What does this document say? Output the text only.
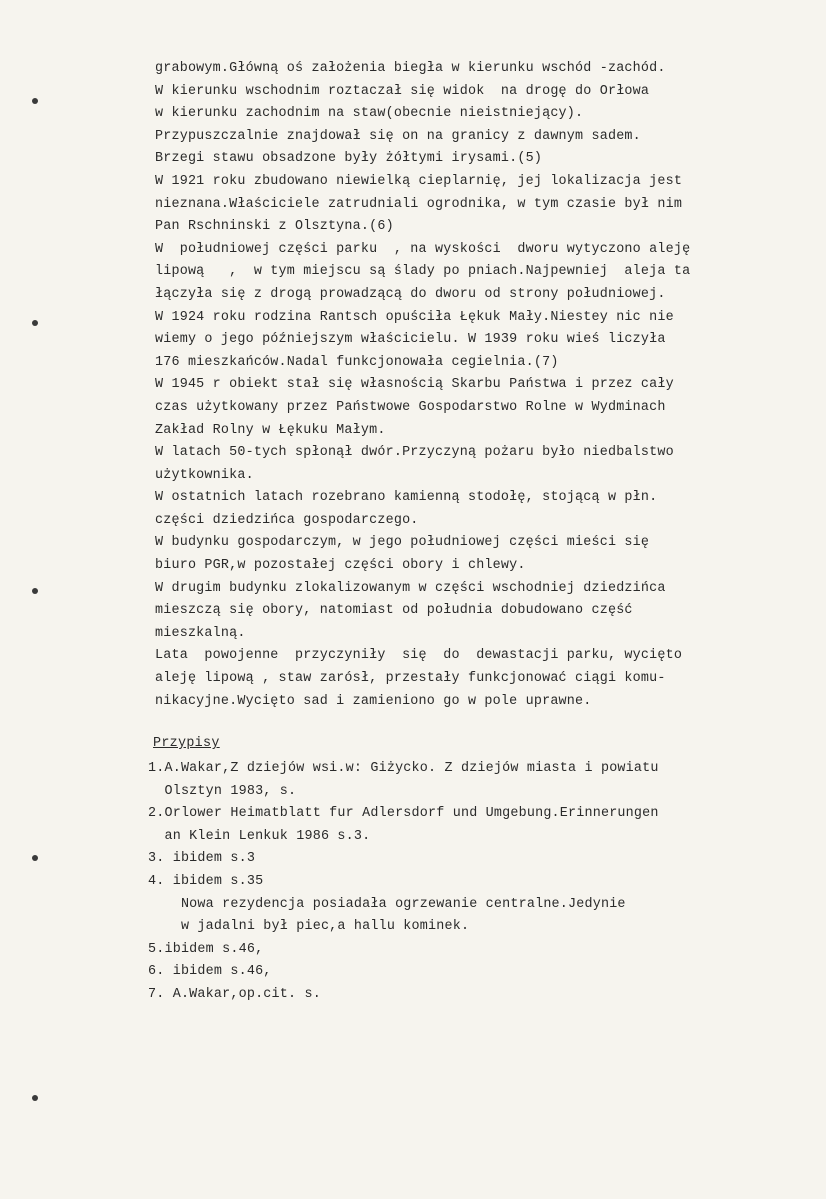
grabowym.Główną oś założenia biegła w kierunku wschód -zachód.
W kierunku wschodnim roztaczał się widok  na drogę do Orłowa
w kierunku zachodnim na staw(obecnie nieistniejący).
Przypuszczalnie znajdował się on na granicy z dawnym sadem.
Brzegi stawu obsadzone były żółtymi irysami.(5)
W 1921 roku zbudowano niewielką cieplarnię, jej lokalizacja jest
nieznana.Właściciele zatrudniali ogrodnika, w tym czasie był nim
Pan Rschninski z Olsztyna.(6)
W  południowej części parku  , na wyskości  dworu wytyczono aleję
lipową   ,  w tym miejscu są ślady po pniach.Najpewniej  aleja ta
łączyła się z drogą prowadzącą do dworu od strony południowej.
W 1924 roku rodzina Rantsch opuściła Łękuk Mały.Niestey nic nie
wiemy o jego późniejszym właścicielu. W 1939 roku wieś liczyła
176 mieszkańców.Nadal funkcjonowała cegielnia.(7)
W 1945 r obiekt stał się własnością Skarbu Państwa i przez cały
czas użytkowany przez Państwowe Gospodarstwo Rolne w Wydminach
Zakład Rolny w Łękuku Małym.
W latach 50-tych spłonął dwór.Przyczyną pożaru było niedbalstwo
użytkownika.
W ostatnich latach rozebrano kamienną stodołę, stojącą w płn.
części dziedzińca gospodarczego.
W budynku gospodarczym, w jego południowej części mieści się
biuro PGR,w pozostałej części obory i chlewy.
W drugim budynku zlokalizowanym w części wschodniej dziedzińca
mieszczą się obory, natomiast od południa dobudowano część
mieszkalną.
Lata  powojenne  przyczyniły  się  do  dewastacji parku, wycięto
aleję lipową , staw zarósł, przestały funkcjonować ciągi komu-
nikacyjne.Wycięto sad i zamieniono go w pole uprawne.
Przypisy
1.A.Wakar,Z dziejów wsi.w: Giżycko. Z dziejów miasta i powiatu
Olsztyn 1983, s.
2.Orlower Heimatblatt fur Adlersdorf und Umgebung.Erinnerungen
an Klein Lenkuk 1986 s.3.
3. ibidem s.3
4. ibidem s.35
Nowa rezydencja posiadała ogrzewanie centralne.Jedynie
w jadalni był piec,a hallu kominek.
5.ibidem s.46,
6. ibidem s.46,
7. A.Wakar,op.cit. s.
